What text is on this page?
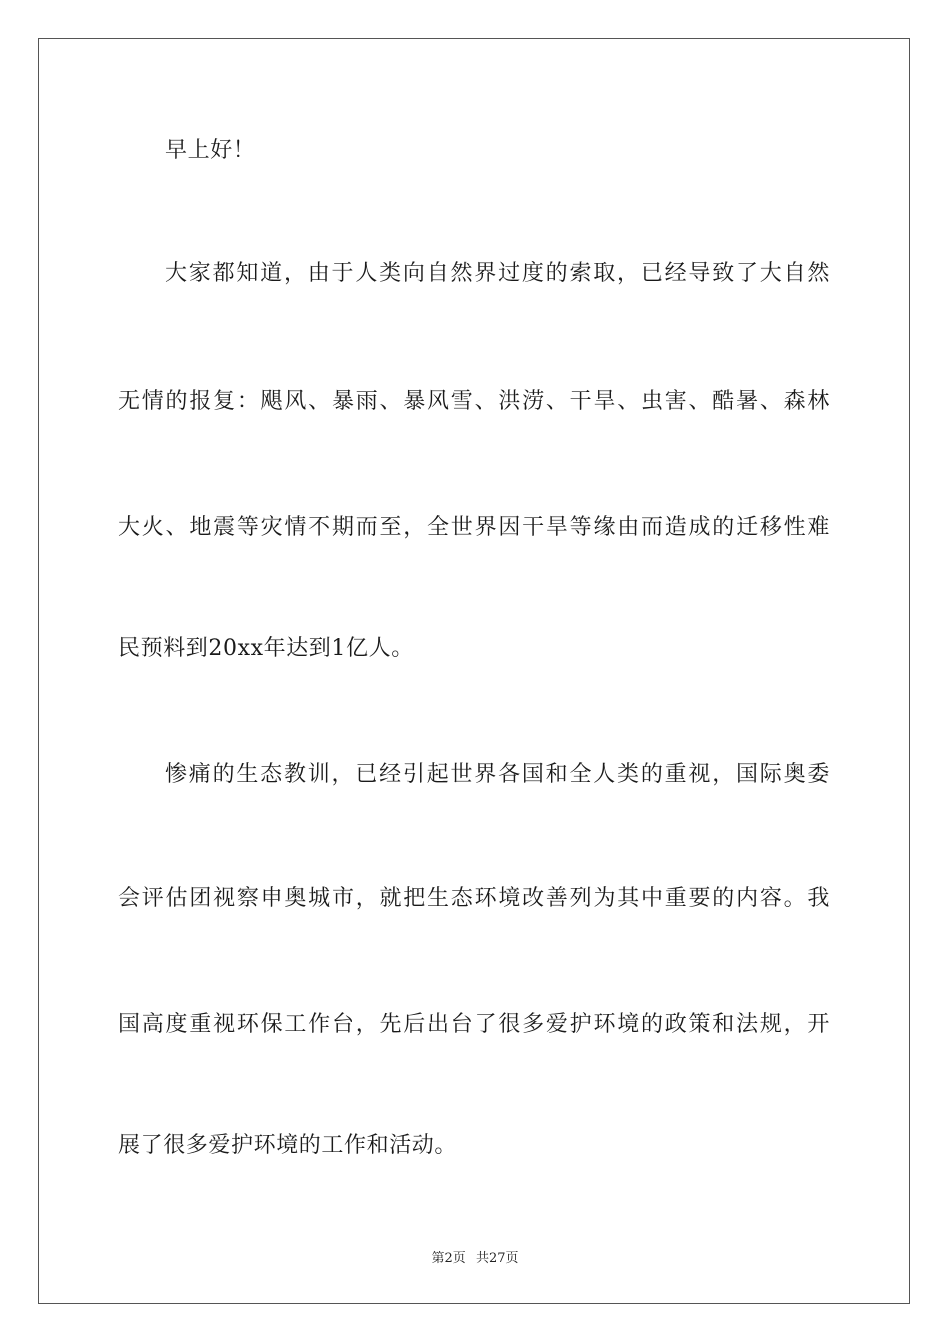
早上好！
大家都知道，由于人类向自然界过度的索取，已经导致了大自然
无情的报复：飓风、暴雨、暴风雪、洪涝、干旱、虫害、酷暑、森林
大火、地震等灾情不期而至，全世界因干旱等缘由而造成的迁移性难
民预料到20xx年达到1亿人。
惨痛的生态教训，已经引起世界各国和全人类的重视，国际奥委
会评估团视察申奥城市，就把生态环境改善列为其中重要的内容。我
国高度重视环保工作台，先后出台了很多爱护环境的政策和法规，开
展了很多爱护环境的工作和活动。
第2页 共27页
